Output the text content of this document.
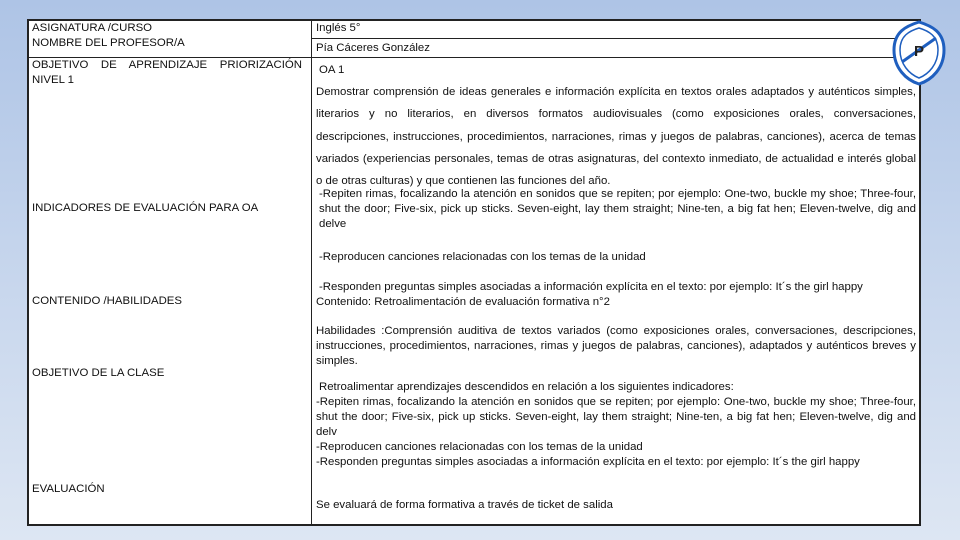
ASIGNATURA /CURSO
NOMBRE DEL PROFESOR/A
OBJETIVO DE APRENDIZAJE PRIORIZACIÓN NIVEL 1
INDICADORES DE EVALUACIÓN PARA OA
CONTENIDO /HABILIDADES
OBJETIVO DE LA CLASE
EVALUACIÓN
Inglés 5°
Pía Cáceres González
OA 1
Demostrar comprensión de ideas generales e información explícita en textos orales adaptados y auténticos simples, literarios y no literarios, en diversos formatos audiovisuales (como exposiciones orales, conversaciones, descripciones, instrucciones, procedimientos, narraciones, rimas y juegos de palabras, canciones), acerca de temas variados (experiencias personales, temas de otras asignaturas, del contexto inmediato, de actualidad e interés global o de otras culturas) y que contienen las funciones del año.
-Repiten rimas, focalizando la atención en sonidos que se repiten; por ejemplo: One-two, buckle my shoe; Three-four, shut the door; Five-six, pick up sticks. Seven-eight, lay them straight; Nine-ten, a big fat hen; Eleven-twelve, dig and delve
-Reproducen canciones relacionadas con los temas de la unidad
-Responden preguntas simples asociadas a información explícita en el texto: por ejemplo: It´s the girl happy
Contenido: Retroalimentación de evaluación formativa n°2
Habilidades :Comprensión auditiva de textos variados (como exposiciones orales, conversaciones, descripciones, instrucciones, procedimientos, narraciones, rimas y juegos de palabras, canciones), adaptados y auténticos breves y simples.
Retroalimentar aprendizajes descendidos en relación a los siguientes indicadores:
-Repiten rimas, focalizando la atención en sonidos que se repiten; por ejemplo: One-two, buckle my shoe; Three-four, shut the door; Five-six, pick up sticks. Seven-eight, lay them straight; Nine-ten, a big fat hen; Eleven-twelve, dig and delv
-Reproducen canciones relacionadas con los temas de la unidad
-Responden preguntas simples asociadas a información explícita en el texto: por ejemplo: It´s the girl happy
Se evaluará de forma formativa a través de ticket de salida
P
